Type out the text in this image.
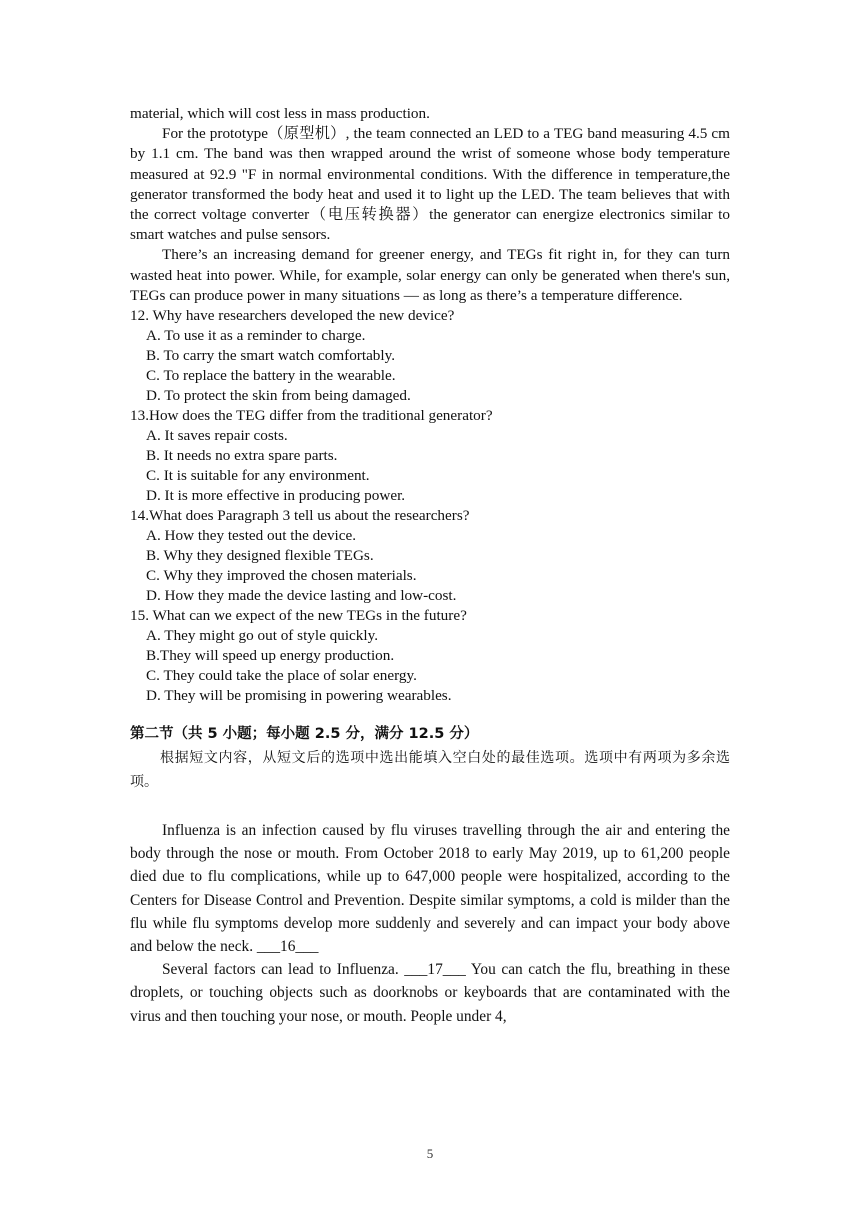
material, which will cost less in mass production.

For the prototype（原型机）, the team connected an LED to a TEG band measuring 4.5 cm by 1.1 cm. The band was then wrapped around the wrist of someone whose body temperature measured at 92.9 "F in normal environmental conditions. With the difference in temperature,the generator transformed the body heat and used it to light up the LED. The team believes that with the correct voltage converter（电压转换器）the generator can energize electronics similar to smart watches and pulse sensors.

There’s an increasing demand for greener energy, and TEGs fit right in, for they can turn wasted heat into power. While, for example, solar energy can only be generated when there's sun, TEGs can produce power in many situations — as long as there’s a temperature difference.

12. Why have researchers developed the new device?

A. To use it as a reminder to charge.

B. To carry the smart watch comfortably.

C. To replace the battery in the wearable.

D. To protect the skin from being damaged.

13.How does the TEG differ from the traditional generator?

A. It saves repair costs.

B. It needs no extra spare parts.

C. It is suitable for any environment.

D. It is more effective in producing power.

14.What does Paragraph 3 tell us about the researchers?

A. How they tested out the device.

B. Why they designed flexible TEGs.

C. Why they improved the chosen materials.

D. How they made the device lasting and low-cost.

15. What can we expect of the new TEGs in the future?

A. They might go out of style quickly.

B.They will speed up energy production.

C. They could take the place of solar energy.

D. They will be promising in powering wearables.

第二节（共 5 小题；每小题 2.5 分，满分 12.5 分）

根据短文内容，从短文后的选项中选出能填入空白处的最佳选项。选项中有两项为多余选项。

Influenza is an infection caused by flu viruses travelling through the air and entering the body through the nose or mouth. From October 2018 to early May 2019, up to 61,200 people died due to flu complications, while up to 647,000 people were hospitalized, according to the Centers for Disease Control and Prevention. Despite similar symptoms, a cold is milder than the flu while flu symptoms develop more suddenly and severely and can impact your body above and below the neck. ___16___

Several factors can lead to Influenza. ___17___ You can catch the flu, breathing in these droplets, or touching objects such as doorknobs or keyboards that are contaminated with the virus and then touching your nose, or mouth. People under 4,

5
